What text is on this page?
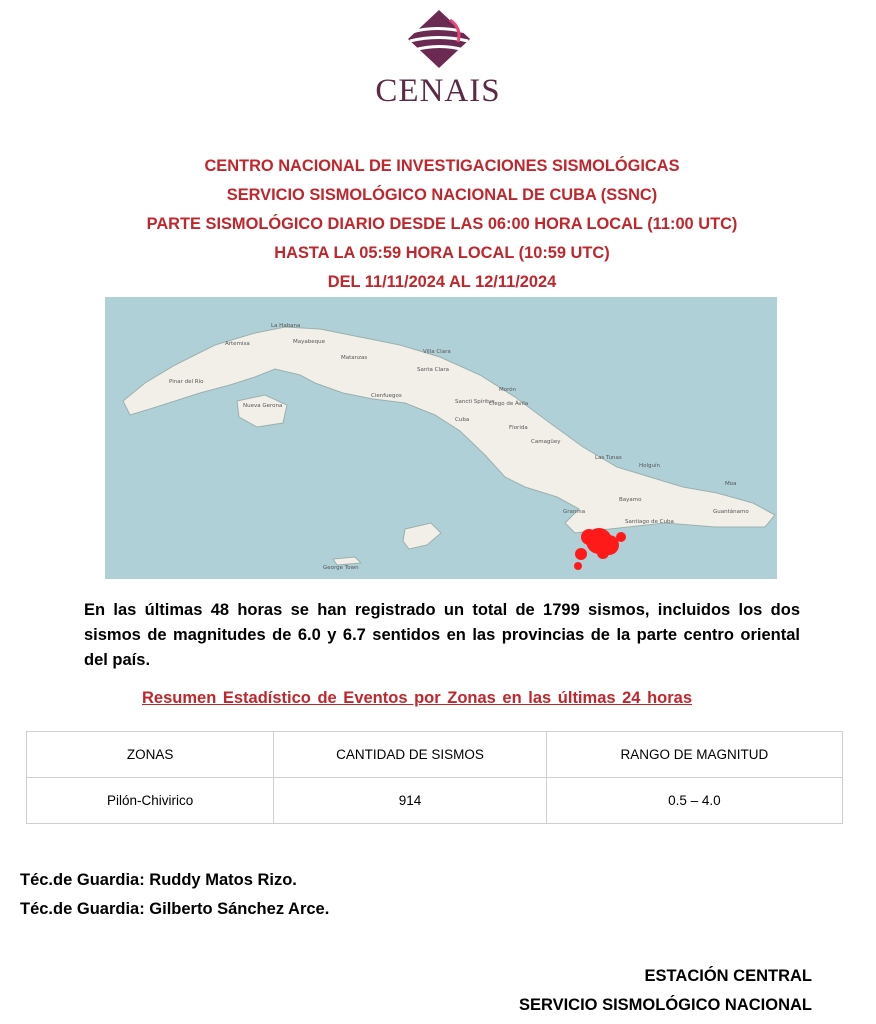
CENAIS
CENTRO NACIONAL DE INVESTIGACIONES SISMOLÓGICAS
SERVICIO SISMOLÓGICO NACIONAL DE CUBA (SSNC)
PARTE SISMOLÓGICO DIARIO DESDE LAS 06:00 HORA LOCAL (11:00 UTC)
HASTA LA 05:59 HORA LOCAL (10:59 UTC)
DEL 11/11/2024 AL 12/11/2024
La Habana
Artemisa	Mayabeque
Matanzas
Villa Clara
Santa Clara
Pinar del Río
Nueva Gerona
Cienfuegos
Sancti Spíritus
Ciego de Ávila
Morón
Florida
Camagüey
Las Tunas
Holguín
Bayamo
Granma
Santiago de Cuba
Guantánamo
Moa
George Town
Cuba
En las últimas 48 horas se han registrado un total de 1799 sismos, incluidos los dos sismos de magnitudes de 6.0 y 6.7 sentidos en las provincias de la parte centro oriental del país.
Resumen Estadístico de Eventos por Zonas en las últimas 24 horas
ZONAS	CANTIDAD DE SISMOS	RANGO DE MAGNITUD
Pilón-Chivirico	914	0.5 – 4.0
Téc.de Guardia: Ruddy Matos Rizo.
Téc.de Guardia: Gilberto Sánchez Arce.
ESTACIÓN CENTRAL
SERVICIO SISMOLÓGICO NACIONAL
